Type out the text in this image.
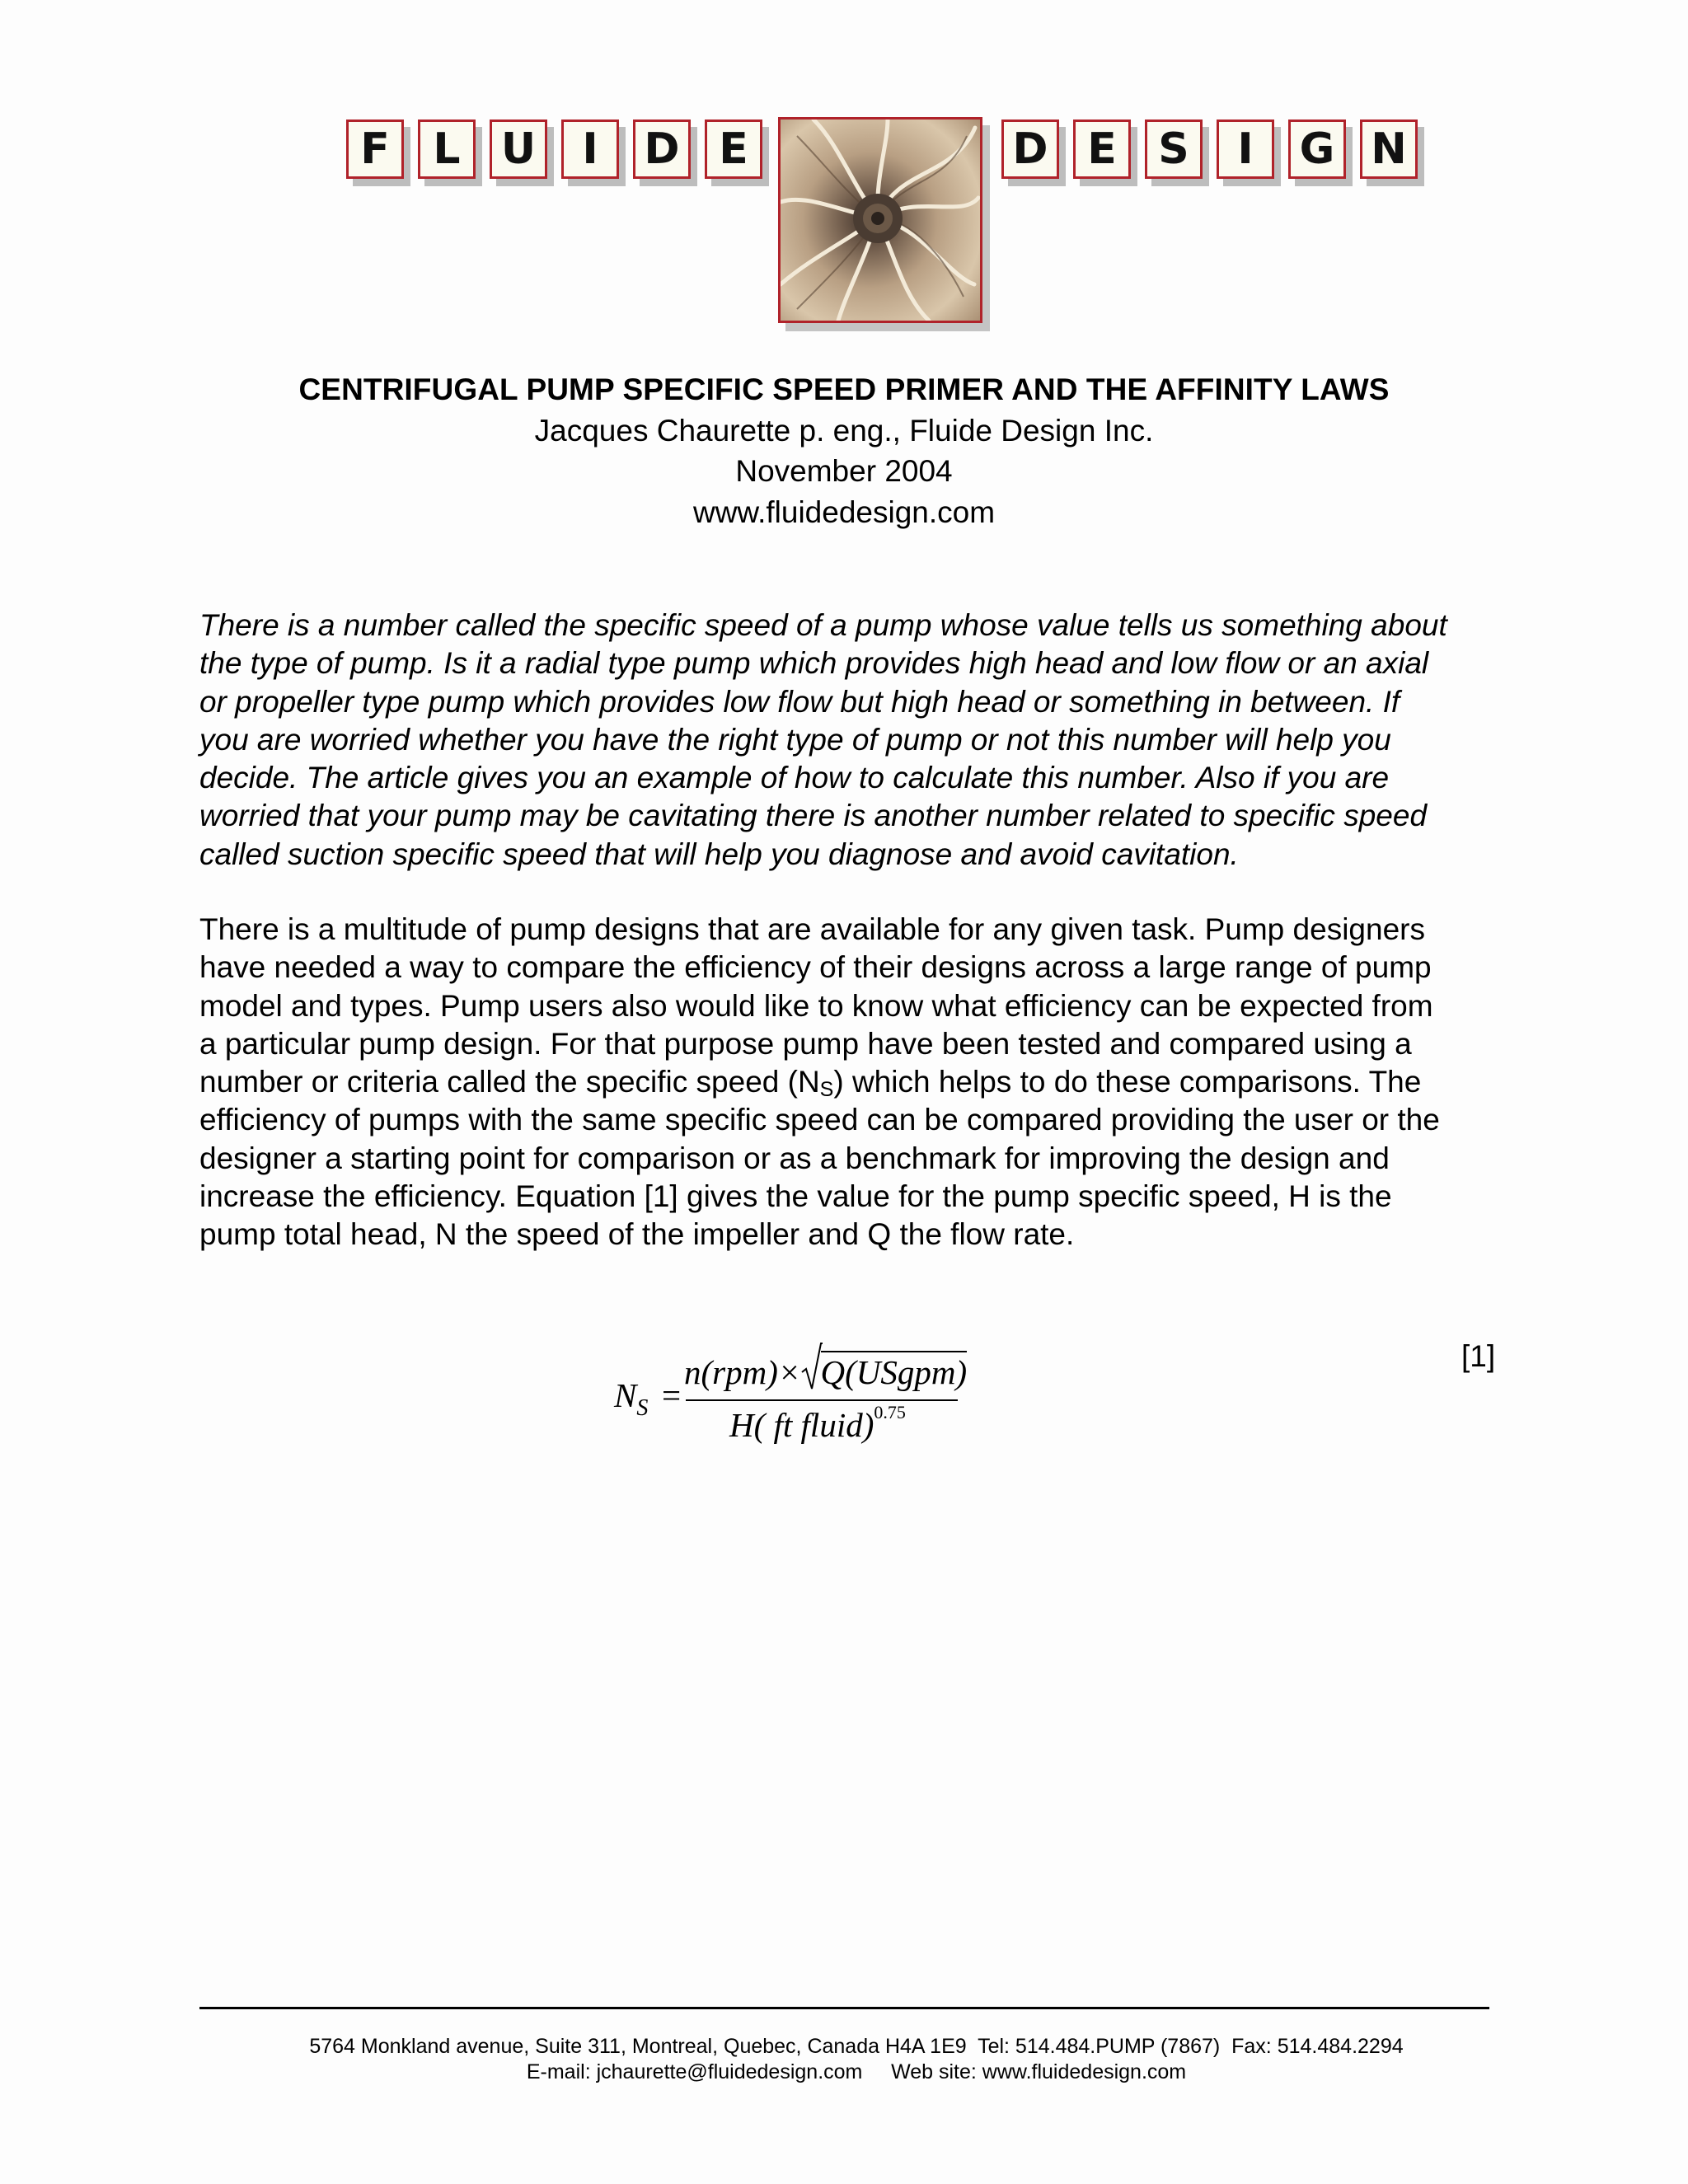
F	L U	I	D E	D E S	I	G N
CENTRIFUGAL PUMP SPECIFIC SPEED PRIMER AND THE AFFINITY LAWS
Jacques Chaurette p. eng., Fluide Design Inc.
November 2004
www.fluidedesign.com

There is a number called the specific speed of a pump whose value tells us something about
the type of pump. Is it a radial type pump which provides high head and low flow or an axial
or propeller type pump which provides low flow but high head or something in between. If
you are worried whether you have the right type of pump or not this number will help you
decide. The article gives you an example of how to calculate this number. Also if you are
worried that your pump may be cavitating there is another number related to specific speed
called suction specific speed that will help you diagnose and avoid cavitation.

There is a multitude of pump designs that are available for any given task. Pump designers
have needed a way to compare the efficiency of their designs across a large range of pump
model and types. Pump users also would like to know what efficiency can be expected from
a particular pump design. For that purpose pump have been tested and compared using a
number or criteria called the specific speed $(N_S)$ which helps to do these comparisons. The
efficiency of pumps with the same specific speed can be compared providing the user or the
designer a starting point for comparison or as a benchmark for improving the design and
increase the efficiency. Equation [1] gives the value for the pump specific speed, H is the
pump total head, N the speed of the impeller and Q the flow rate.

$N_S$ =
n(rpm)× Q(USgpm)
H( ft fluid)$^{0.75}$
[1]
5764 Monkland avenue, Suite 311, Montreal, Quebec, Canada H4A 1E9  Tel: 514.484.PUMP (7867)  Fax: 514.484.2294
E-mail: jchaurette@fluidedesign.com     Web site: www.fluidedesign.com
